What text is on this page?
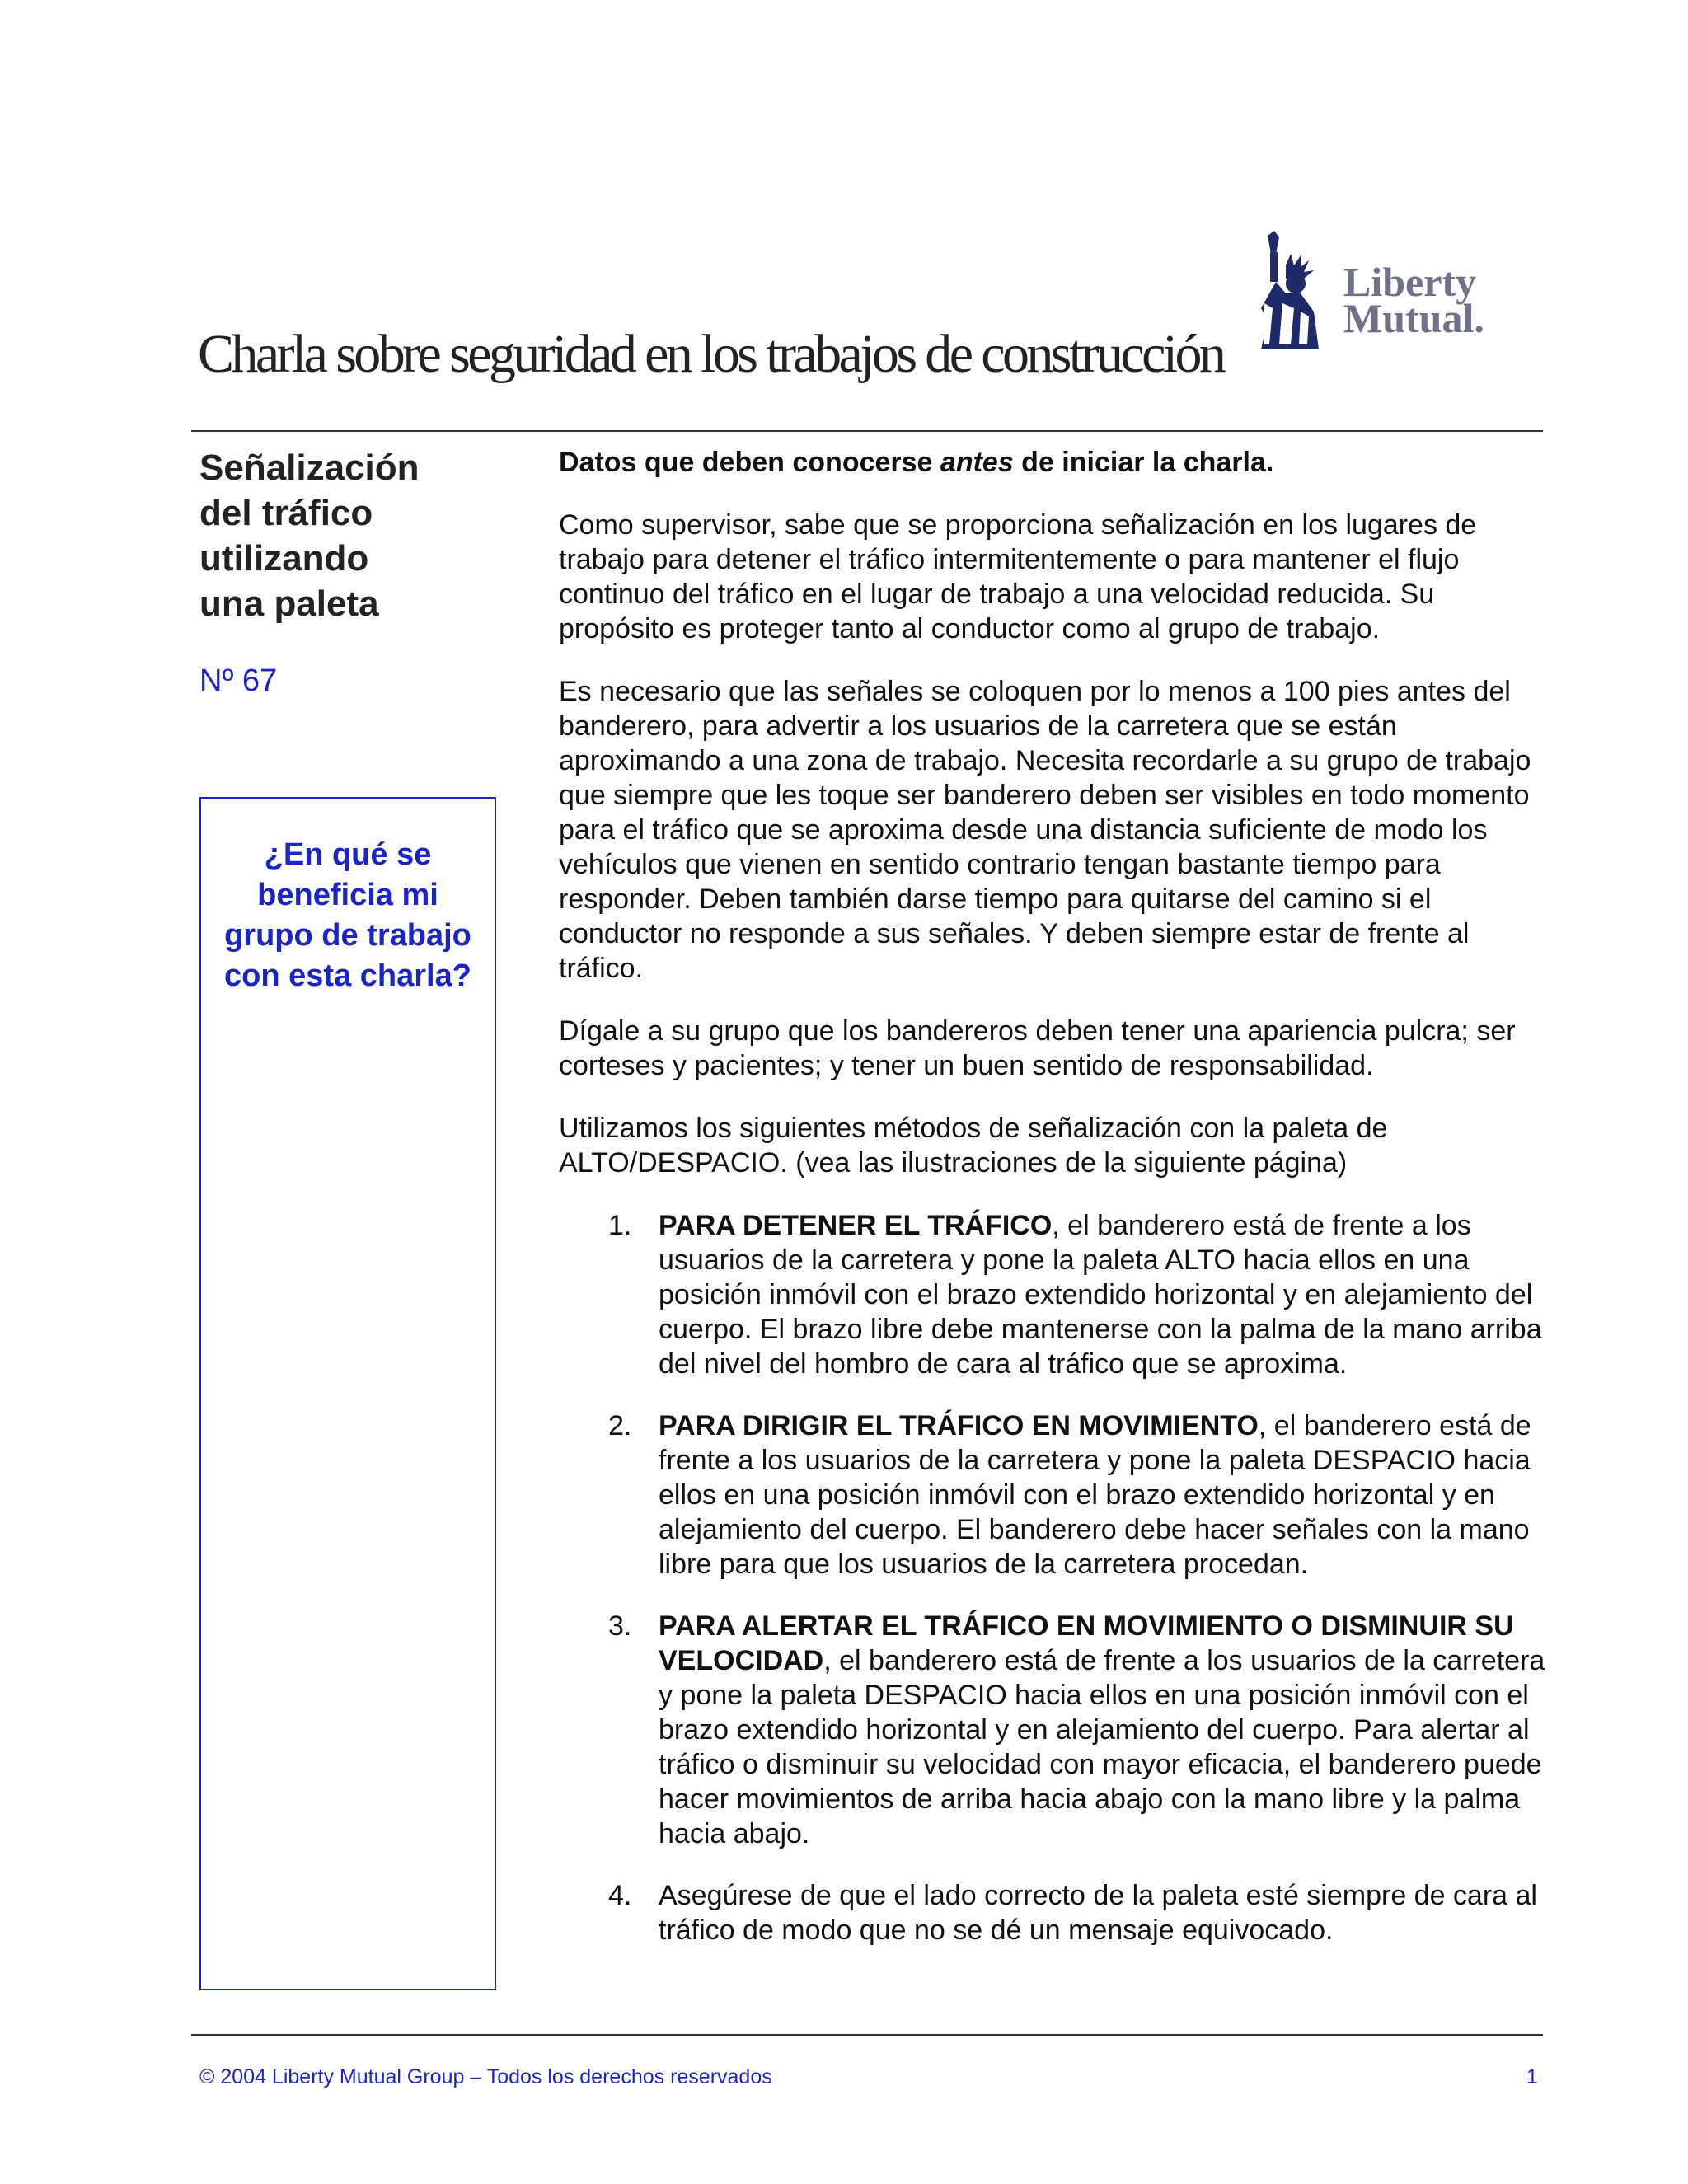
Charla sobre seguridad en los trabajos de construcción
Liberty
Mutual.
Señalización
del tráfico
utilizando
una paleta
Nº 67
¿En qué se beneficia mi grupo de trabajo con esta charla?

Datos que deben conocerse antes de iniciar la charla.

Como supervisor, sabe que se proporciona señalización en los lugares de trabajo para detener el tráfico intermitentemente o para mantener el flujo continuo del tráfico en el lugar de trabajo a una velocidad reducida. Su propósito es proteger tanto al conductor como al grupo de trabajo.

Es necesario que las señales se coloquen por lo menos a 100 pies antes del banderero, para advertir a los usuarios de la carretera que se están aproximando a una zona de trabajo. Necesita recordarle a su grupo de trabajo que siempre que les toque ser banderero deben ser visibles en todo momento para el tráfico que se aproxima desde una distancia suficiente de modo los vehículos que vienen en sentido contrario tengan bastante tiempo para responder. Deben también darse tiempo para quitarse del camino si el conductor no responde a sus señales. Y deben siempre estar de frente al tráfico.

Dígale a su grupo que los bandereros deben tener una apariencia pulcra; ser corteses y pacientes; y tener un buen sentido de responsabilidad.

Utilizamos los siguientes métodos de señalización con la paleta de ALTO/DESPACIO. (vea las ilustraciones de la siguiente página)

1. PARA DETENER EL TRÁFICO, el banderero está de frente a los usuarios de la carretera y pone la paleta ALTO hacia ellos en una posición inmóvil con el brazo extendido horizontal y en alejamiento del cuerpo. El brazo libre debe mantenerse con la palma de la mano arriba del nivel del hombro de cara al tráfico que se aproxima.
2. PARA DIRIGIR EL TRÁFICO EN MOVIMIENTO, el banderero está de frente a los usuarios de la carretera y pone la paleta DESPACIO hacia ellos en una posición inmóvil con el brazo extendido horizontal y en alejamiento del cuerpo. El banderero debe hacer señales con la mano libre para que los usuarios de la carretera procedan.
3. PARA ALERTAR EL TRÁFICO EN MOVIMIENTO O DISMINUIR SU VELOCIDAD, el banderero está de frente a los usuarios de la carretera y pone la paleta DESPACIO hacia ellos en una posición inmóvil con el brazo extendido horizontal y en alejamiento del cuerpo. Para alertar al tráfico o disminuir su velocidad con mayor eficacia, el banderero puede hacer movimientos de arriba hacia abajo con la mano libre y la palma hacia abajo.
4. Asegúrese de que el lado correcto de la paleta esté siempre de cara al tráfico de modo que no se dé un mensaje equivocado.
© 2004 Liberty Mutual Group – Todos los derechos reservados	1
